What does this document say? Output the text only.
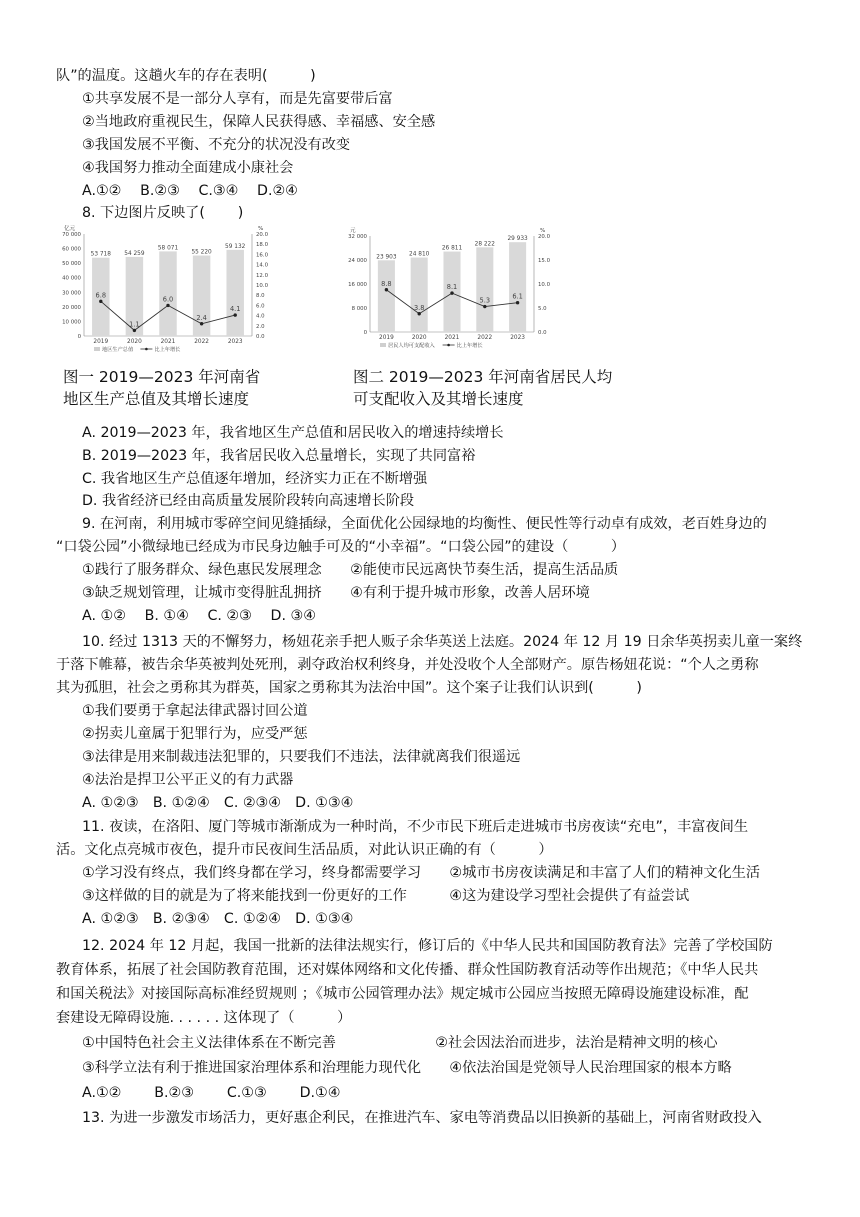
队”的温度。这趟火车的存在表明(　　　)
①共享发展不是一部分人享有，而是先富要带后富
②当地政府重视民生，保障人民获得感、幸福感、安全感
③我国发展不平衡、不充分的状况没有改变
④我国努力推动全面建成小康社会
A.①②　 B.②③　 C.③④　 D.②④
8. 下边图片反映了(　　 )
亿元	%
70 000
60 000
50 000
40 000
30 000
20 000
10 000
0
20.0
18.0
16.0
14.0
12.0
10.0
8.0
6.0
4.0
2.0
0.0
53 718
2019
54 259
2020
58 071
2021
55 220
2022
59 132
2023
6.8
1.1
6.0
2.4
4.1
地区生产总值	比上年增长
元	%
32 000
24 000
16 000
8 000
0
20.0
15.0
10.0
5.0
0.0
23 903
2019
24 810
2020
26 811
2021
28 222
2022
29 933
2023
8.8
3.8
8.1
5.3	6.1
居民人均可支配收入	比上年增长
图一 2019—2023 年河南省
地区生产总值及其增长速度
图二 2019—2023 年河南省居民人均
可支配收入及其增长速度
A. 2019—2023 年，我省地区生产总值和居民收入的增速持续增长
B. 2019—2023 年，我省居民收入总量增长，实现了共同富裕
C. 我省地区生产总值逐年增加，经济实力正在不断增强
D. 我省经济已经由高质量发展阶段转向高速增长阶段
9. 在河南，利用城市零碎空间见缝插绿，全面优化公园绿地的均衡性、便民性等行动卓有成效，老百姓身边的
“口袋公园”小微绿地已经成为市民身边触手可及的“小幸福”。“口袋公园”的建设（　　　）
①践行了服务群众、绿色惠民发展理念　　②能使市民远离快节奏生活，提高生活品质
③缺乏规划管理，让城市变得脏乱拥挤　　④有利于提升城市形象，改善人居环境
A. ①②　 B. ①④　 C. ②③　 D. ③④
10. 经过 1313 天的不懈努力，杨妞花亲手把人贩子余华英送上法庭。2024 年 12 月 19 日余华英拐卖儿童一案终
于落下帷幕，被告余华英被判处死刑，剥夺政治权利终身，并处没收个人全部财产。原告杨妞花说：“个人之勇称
其为孤胆，社会之勇称其为群英，国家之勇称其为法治中国”。这个案子让我们认识到(　　　)
①我们要勇于拿起法律武器讨回公道
②拐卖儿童属于犯罪行为，应受严惩
③法律是用来制裁违法犯罪的，只要我们不违法，法律就离我们很遥远
④法治是捍卫公平正义的有力武器
A. ①②③　B. ①②④　C. ②③④　D. ①③④
11. 夜读，在洛阳、厦门等城市渐渐成为一种时尚，不少市民下班后走进城市书房夜读“充电”，丰富夜间生
活。文化点亮城市夜色，提升市民夜间生活品质，对此认识正确的有（　　　）
①学习没有终点，我们终身都在学习，终身都需要学习　　②城市书房夜读满足和丰富了人们的精神文化生活
③这样做的目的就是为了将来能找到一份更好的工作　　　④这为建设学习型社会提供了有益尝试
A. ①②③　B. ②③④　C. ①②④　D. ①③④
12. 2024 年 12 月起，我国一批新的法律法规实行，修订后的《中华人民共和国国防教育法》完善了学校国防
教育体系，拓展了社会国防教育范围，还对媒体网络和文化传播、群众性国防教育活动等作出规范；《中华人民共
和国关税法》对接国际高标准经贸规则 ；《城市公园管理办法》规定城市公园应当按照无障碍设施建设标准，配
套建设无障碍设施. . . . . . 这体现了（　　　）
①中国特色社会主义法律体系在不断完善　　　　　　　②社会因法治而进步，法治是精神文明的核心
③科学立法有利于推进国家治理体系和治理能力现代化　　④依法治国是党领导人民治理国家的根本方略
A.①②　　 B.②③　　 C.①③　　 D.①④
13. 为进一步激发市场活力，更好惠企利民，在推进汽车、家电等消费品以旧换新的基础上，河南省财政投入
